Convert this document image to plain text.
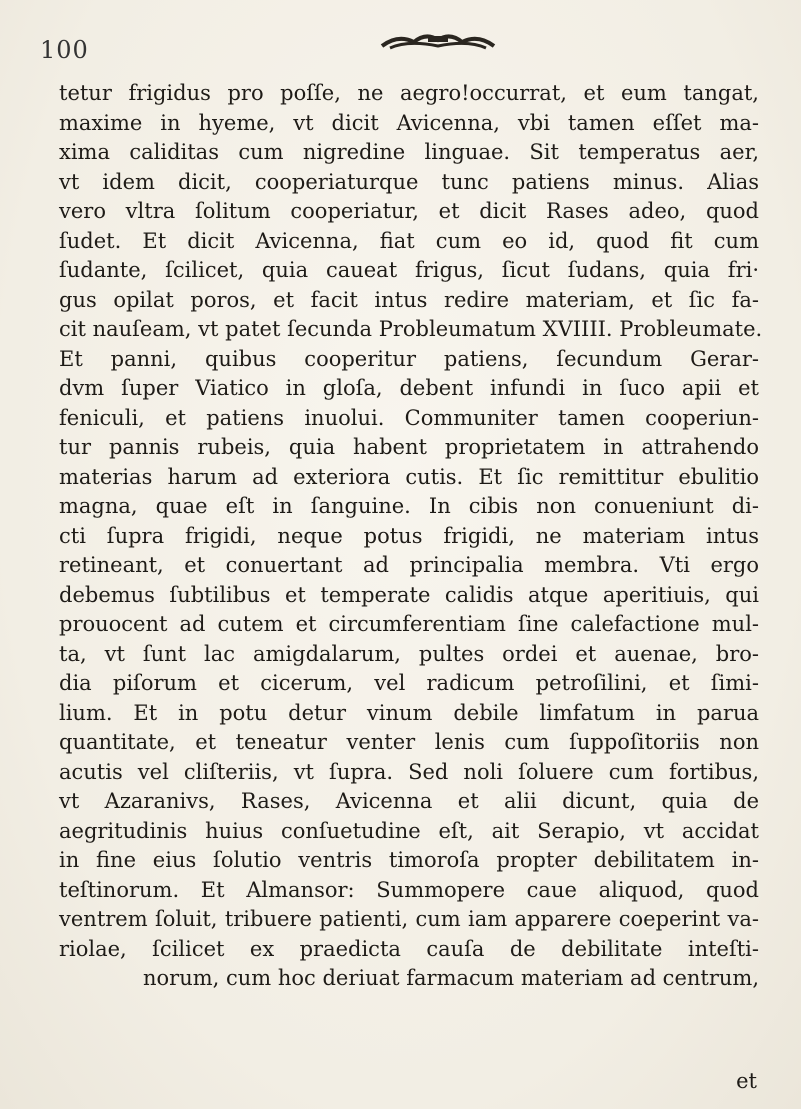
100
tetur frigidus pro poſſe, ne aegro!occurrat, et eum tangat,
maxime in hyeme, vt dicit Avicenna, vbi tamen eſſet ma-
xima caliditas cum nigredine linguae. Sit temperatus aer,
vt idem dicit, cooperiaturque tunc patiens minus. Alias
vero vltra ſolitum cooperiatur, et dicit Rases adeo, quod
ſudet. Et dicit Avicenna, fiat cum eo id, quod fit cum
ſudante, ſcilicet, quia caueat frigus, ſicut ſudans, quia fri·
gus opilat poros, et facit intus redire materiam, et ſic fa-
cit nauſeam, vt patet ſecunda Probleumatum XVIIII. Probleumate.
Et panni, quibus cooperitur patiens, ſecundum Gerar-
dvm ſuper Viatico in gloſa, debent infundi in ſuco apii et
feniculi, et patiens inuolui. Communiter tamen cooperiun-
tur pannis rubeis, quia habent proprietatem in attrahendo
materias harum ad exteriora cutis. Et ſic remittitur ebulitio
magna, quae eſt in ſanguine. In cibis non conueniunt di-
cti ſupra frigidi, neque potus frigidi, ne materiam intus
retineant, et conuertant ad principalia membra. Vti ergo
debemus ſubtilibus et temperate calidis atque aperitiuis, qui
prouocent ad cutem et circumferentiam ſine calefactione mul-
ta, vt ſunt lac amigdalarum, pultes ordei et auenae, bro-
dia piſorum et cicerum, vel radicum petroſilini, et ſimi-
lium. Et in potu detur vinum debile limfatum in parua
quantitate, et teneatur venter lenis cum ſuppoſitoriis non
acutis vel cliſteriis, vt ſupra. Sed noli ſoluere cum fortibus,
vt Azaranivs, Rases, Avicenna et alii dicunt, quia de
aegritudinis huius conſuetudine eſt, ait Serapio, vt accidat
in fine eius ſolutio ventris timoroſa propter debilitatem in-
teſtinorum. Et Almansor: Summopere caue aliquod, quod
ventrem ſoluit, tribuere patienti, cum iam apparere coeperint va-
riolae, ſcilicet ex praedicta cauſa de debilitate inteſti-
norum, cum hoc deriuat farmacum materiam ad centrum,
et
